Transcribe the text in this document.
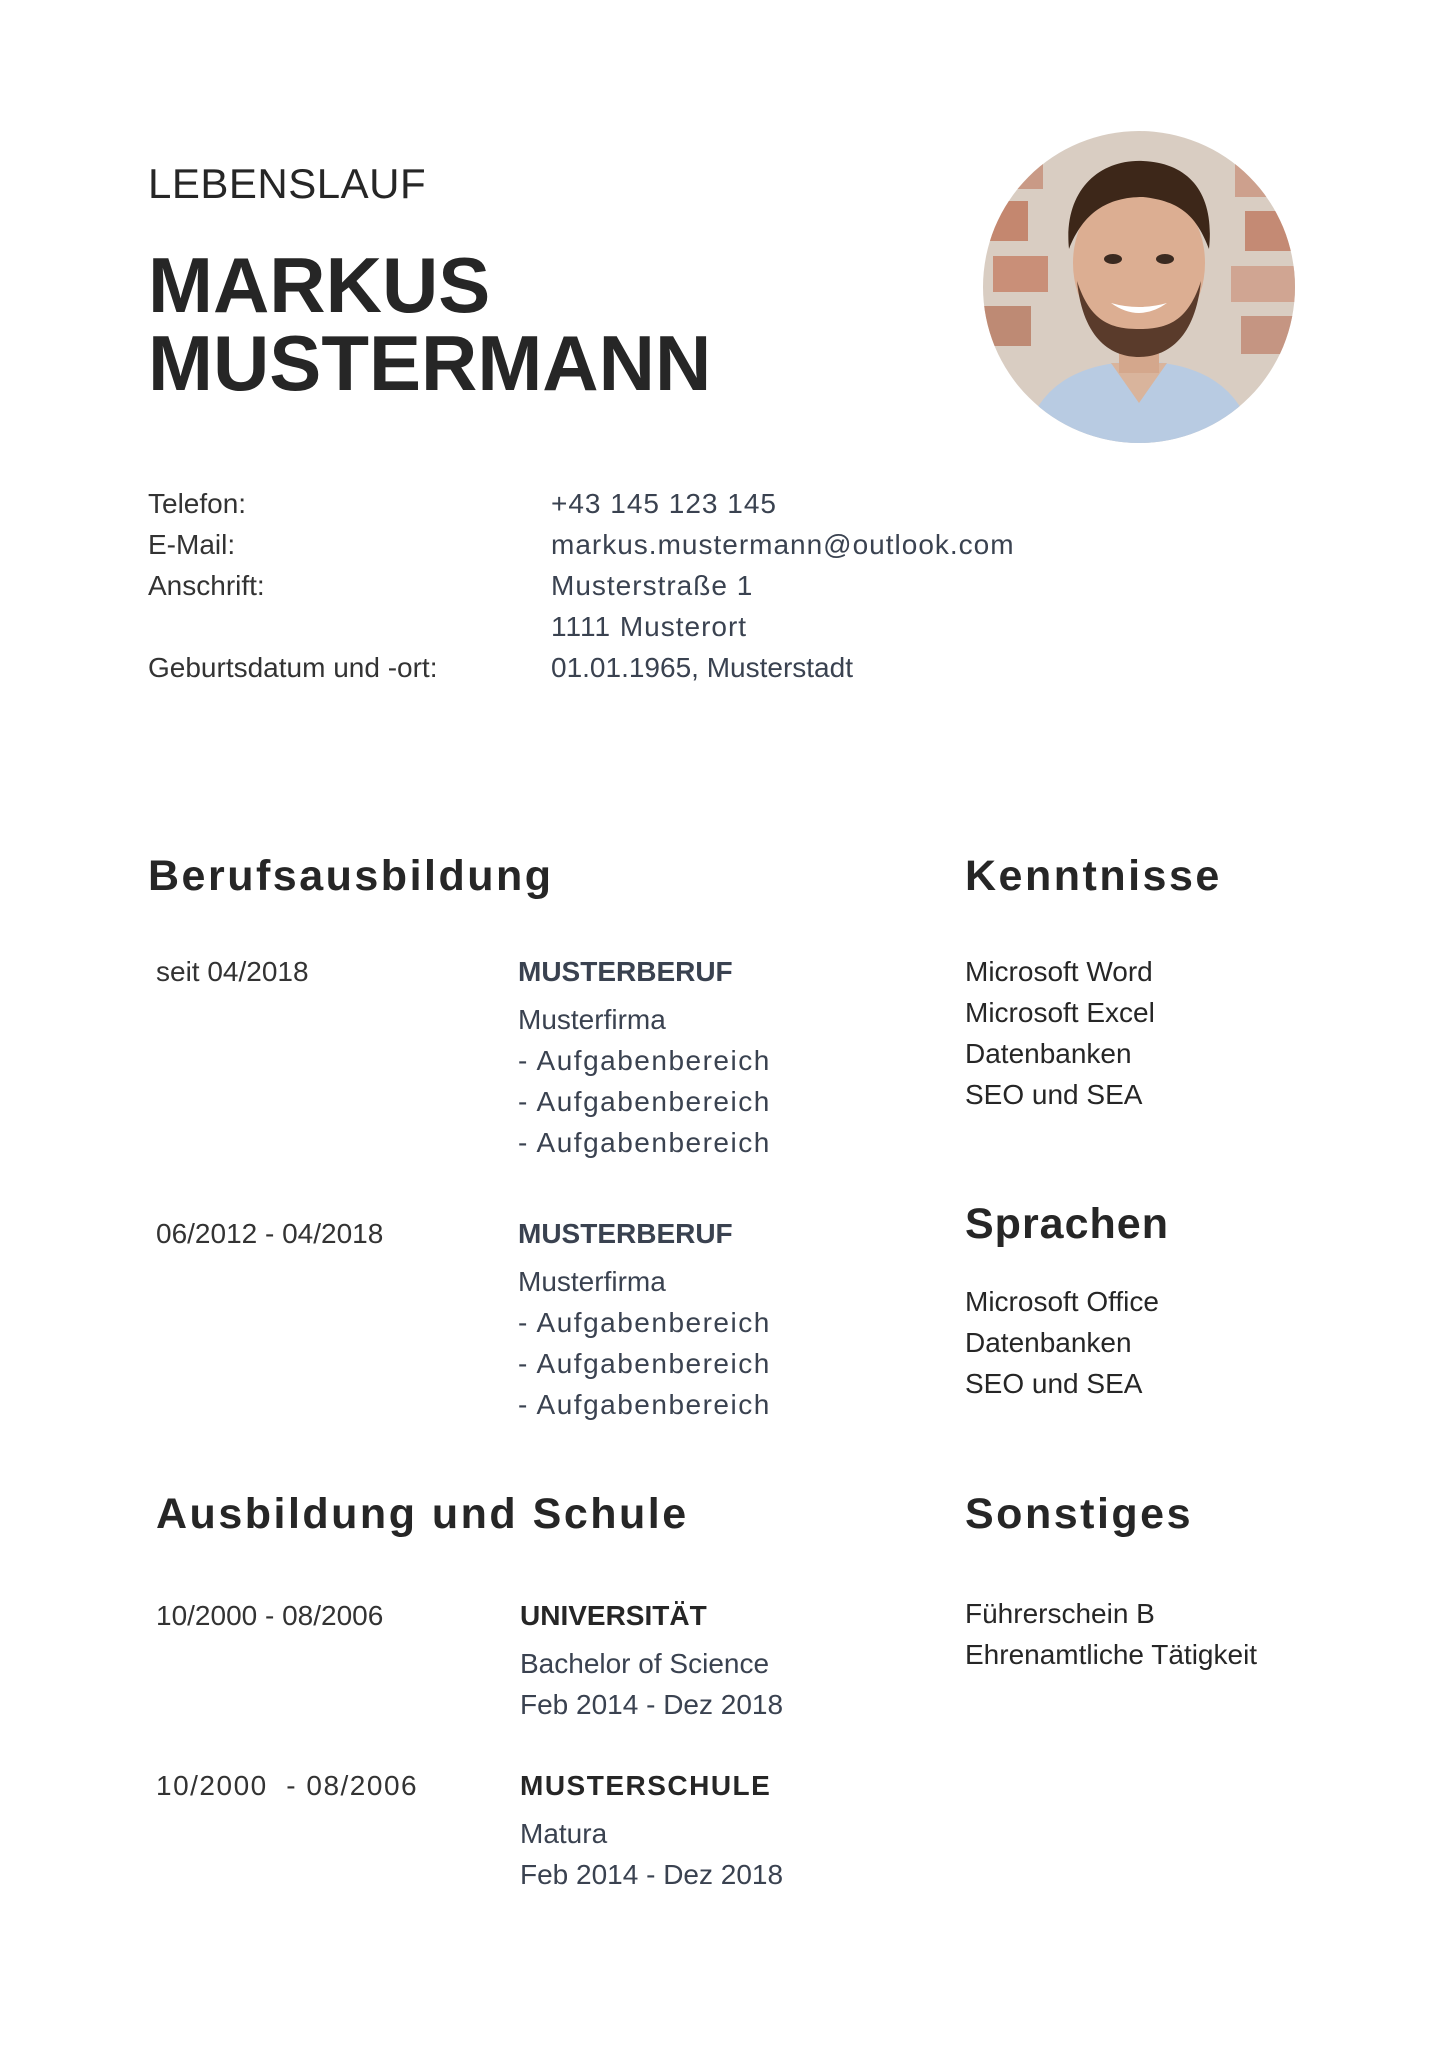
LEBENSLAUF
MARKUS
MUSTERMANN
Telefon:	+43 145 123 145
E-Mail:	markus.mustermann@outlook.com
Anschrift:	Musterstraße 1
1111 Musterort
Geburtsdatum und -ort:	01.01.1965, Musterstadt
Berufsausbildung
seit 04/2018	MUSTERBERUF
Musterfirma
- Aufgabenbereich
- Aufgabenbereich
- Aufgabenbereich
06/2012 - 04/2018	MUSTERBERUF
Musterfirma
- Aufgabenbereich
- Aufgabenbereich
- Aufgabenbereich
Ausbildung und Schule
10/2000 - 08/2006	UNIVERSITÄT
Bachelor of Science
Feb 2014 - Dez 2018
10/2000  - 08/2006	MUSTERSCHULE
Matura
Feb 2014 - Dez 2018
Kenntnisse
Microsoft Word
Microsoft Excel
Datenbanken
SEO und SEA
Sprachen
Microsoft Office
Datenbanken
SEO und SEA
Sonstiges
Führerschein B
Ehrenamtliche Tätigkeit
